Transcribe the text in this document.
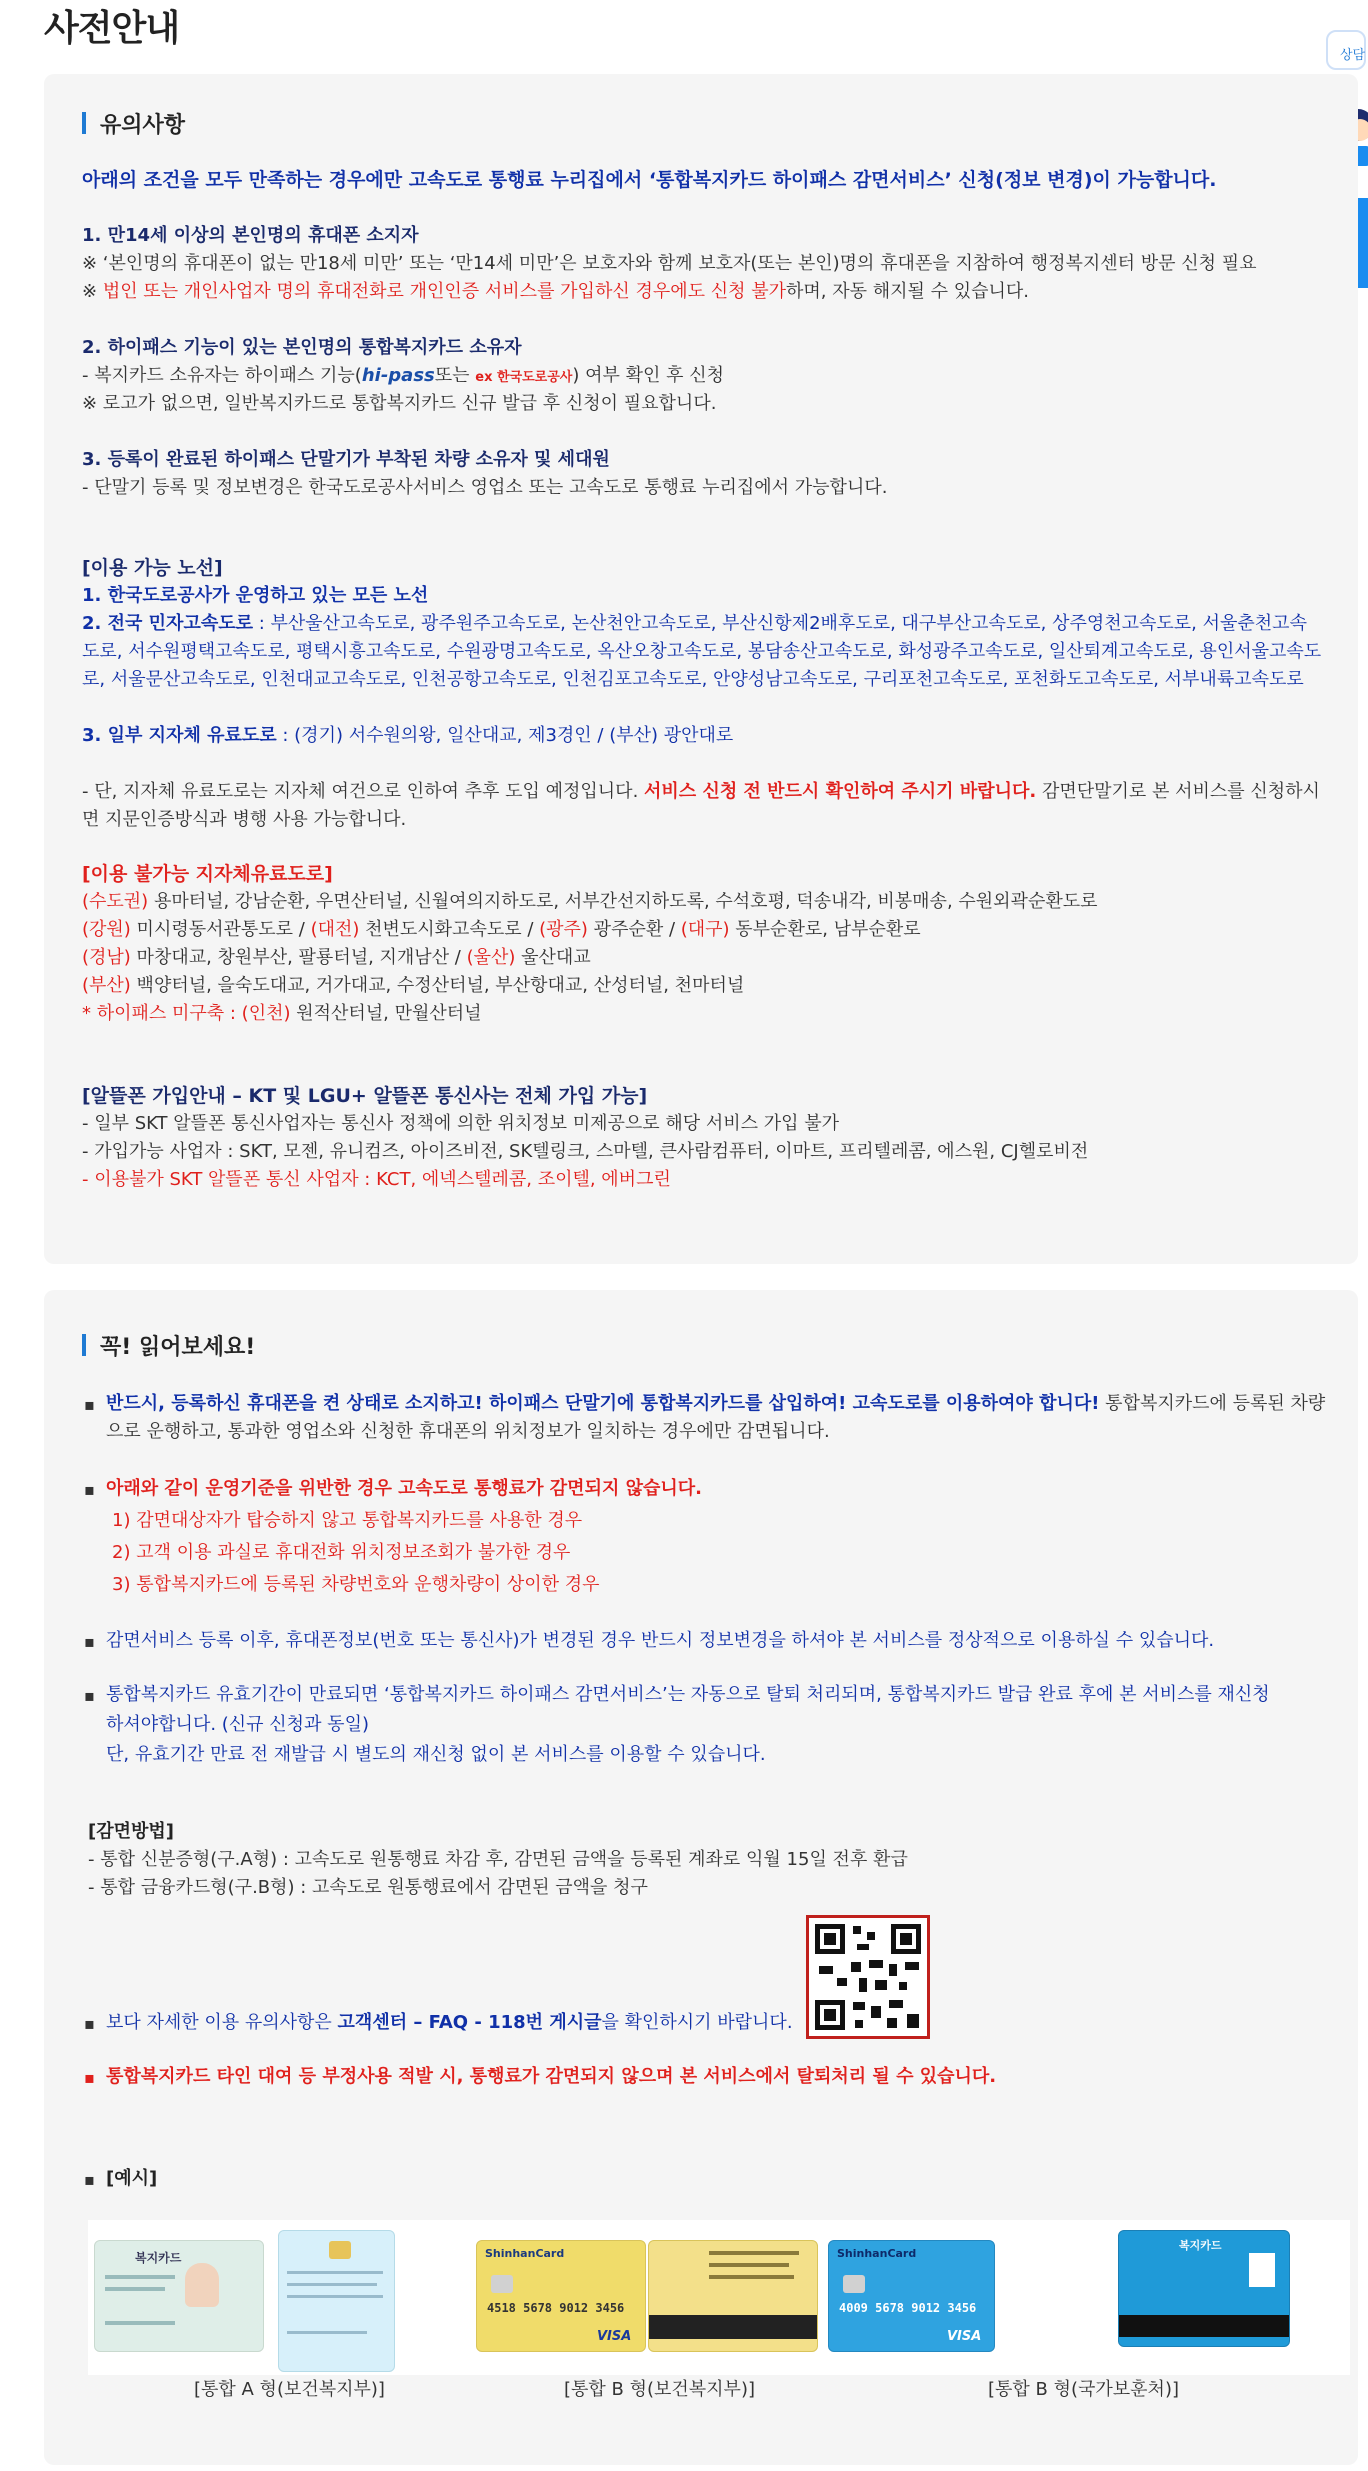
사전안내
상담
유의사항
아래의 조건을 모두 만족하는 경우에만 고속도로 통행료 누리집에서 ‘통합복지카드 하이패스 감면서비스’ 신청(정보 변경)이 가능합니다.
1. 만14세 이상의 본인명의 휴대폰 소지자
※ ‘본인명의 휴대폰이 없는 만18세 미만’ 또는 ‘만14세 미만’은 보호자와 함께 보호자(또는 본인)명의 휴대폰을 지참하여 행정복지센터 방문 신청 필요
※ 법인 또는 개인사업자 명의 휴대전화로 개인인증 서비스를 가입하신 경우에도 신청 불가하며, 자동 해지될 수 있습니다.
2. 하이패스 기능이 있는 본인명의 통합복지카드 소유자
- 복지카드 소유자는 하이패스 기능(hi-pass또는 ex 한국도로공사) 여부 확인 후 신청
※ 로고가 없으면, 일반복지카드로 통합복지카드 신규 발급 후 신청이 필요합니다.
3. 등록이 완료된 하이패스 단말기가 부착된 차량 소유자 및 세대원
- 단말기 등록 및 정보변경은 한국도로공사서비스 영업소 또는 고속도로 통행료 누리집에서 가능합니다.
[이용 가능 노선]
1. 한국도로공사가 운영하고 있는 모든 노선
2. 전국 민자고속도로 : 부산울산고속도로, 광주원주고속도로, 논산천안고속도로, 부산신항제2배후도로, 대구부산고속도로, 상주영천고속도로, 서울춘천고속도로, 서수원평택고속도로, 평택시흥고속도로, 수원광명고속도로, 옥산오창고속도로, 봉담송산고속도로, 화성광주고속도로, 일산퇴계고속도로, 용인서울고속도로, 서울문산고속도로, 인천대교고속도로, 인천공항고속도로, 인천김포고속도로, 안양성남고속도로, 구리포천고속도로, 포천화도고속도로, 서부내륙고속도로
3. 일부 지자체 유료도로 : (경기) 서수원의왕, 일산대교, 제3경인 / (부산) 광안대로
- 단, 지자체 유료도로는 지자체 여건으로 인하여 추후 도입 예정입니다. 서비스 신청 전 반드시 확인하여 주시기 바랍니다. 감면단말기로 본 서비스를 신청하시면 지문인증방식과 병행 사용 가능합니다.
[이용 불가능 지자체유료도로]
(수도권) 용마터널, 강남순환, 우면산터널, 신월여의지하도로, 서부간선지하도록, 수석호평, 덕송내각, 비봉매송, 수원외곽순환도로
(강원) 미시령동서관통도로 / (대전) 천변도시화고속도로 / (광주) 광주순환 / (대구) 동부순환로, 남부순환로
(경남) 마창대교, 창원부산, 팔룡터널, 지개남산 / (울산) 울산대교
(부산) 백양터널, 을숙도대교, 거가대교, 수정산터널, 부산항대교, 산성터널, 천마터널
* 하이패스 미구축 : (인천) 원적산터널, 만월산터널
[알뜰폰 가입안내 – KT 및 LGU+ 알뜰폰 통신사는 전체 가입 가능]
- 일부 SKT 알뜰폰 통신사업자는 통신사 정책에 의한 위치정보 미제공으로 해당 서비스 가입 불가
- 가입가능 사업자 : SKT, 모젠, 유니컴즈, 아이즈비전, SK텔링크, 스마텔, 큰사람컴퓨터, 이마트, 프리텔레콤, 에스원, CJ헬로비전
- 이용불가 SKT 알뜰폰 통신 사업자 : KCT, 에넥스텔레콤, 조이텔, 에버그린
꼭! 읽어보세요!
▪ 반드시, 등록하신 휴대폰을 켠 상태로 소지하고! 하이패스 단말기에 통합복지카드를 삽입하여! 고속도로를 이용하여야 합니다! 통합복지카드에 등록된 차량으로 운행하고, 통과한 영업소와 신청한 휴대폰의 위치정보가 일치하는 경우에만 감면됩니다.
▪ 아래와 같이 운영기준을 위반한 경우 고속도로 통행료가 감면되지 않습니다.
1) 감면대상자가 탑승하지 않고 통합복지카드를 사용한 경우
2) 고객 이용 과실로 휴대전화 위치정보조회가 불가한 경우
3) 통합복지카드에 등록된 차량번호와 운행차량이 상이한 경우
▪ 감면서비스 등록 이후, 휴대폰정보(번호 또는 통신사)가 변경된 경우 반드시 정보변경을 하셔야 본 서비스를 정상적으로 이용하실 수 있습니다.
▪ 통합복지카드 유효기간이 만료되면 ‘통합복지카드 하이패스 감면서비스’는 자동으로 탈퇴 처리되며, 통합복지카드 발급 완료 후에 본 서비스를 재신청
하셔야합니다. (신규 신청과 동일)
단, 유효기간 만료 전 재발급 시 별도의 재신청 없이 본 서비스를 이용할 수 있습니다.
[감면방법]
- 통합 신분증형(구.A형) : 고속도로 원통행료 차감 후, 감면된 금액을 등록된 계좌로 익월 15일 전후 환급
- 통합 금융카드형(구.B형) : 고속도로 원통행료에서 감면된 금액을 청구
▪ 보다 자세한 이용 유의사항은 고객센터 – FAQ - 118번 게시글을 확인하시기 바랍니다.
▪ 통합복지카드 타인 대여 등 부정사용 적발 시, 통행료가 감면되지 않으며 본 서비스에서 탈퇴처리 될 수 있습니다.
▪ [예시]
복지카드	ShinhanCard
4518 5678 9012 3456
VISA
ShinhanCard
4009 5678 9012 3456
VISA
복지카드
[통합 A 형(보건복지부)]	[통합 B 형(보건복지부)]	[통합 B 형(국가보훈처)]
